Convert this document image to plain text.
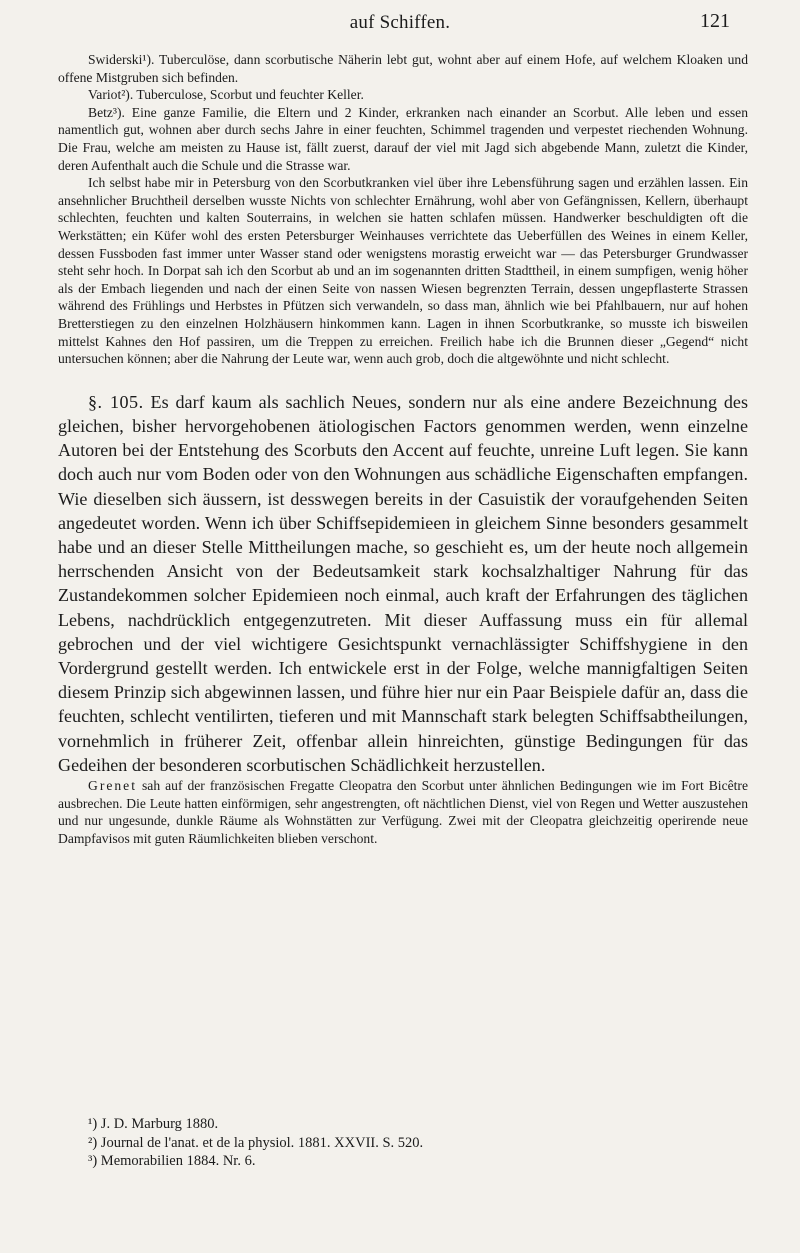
auf Schiffen.	121

Swiderski¹). Tuberculöse, dann scorbutische Näherin lebt gut, wohnt aber auf einem Hofe, auf welchem Kloaken und offene Mistgruben sich befinden.

Variot²). Tuberculose, Scorbut und feuchter Keller.

Betz³). Eine ganze Familie, die Eltern und 2 Kinder, erkranken nach einander an Scorbut. Alle leben und essen namentlich gut, wohnen aber durch sechs Jahre in einer feuchten, Schimmel tragenden und verpestet riechenden Wohnung. Die Frau, welche am meisten zu Hause ist, fällt zuerst, darauf der viel mit Jagd sich abgebende Mann, zuletzt die Kinder, deren Aufenthalt auch die Schule und die Strasse war.

Ich selbst habe mir in Petersburg von den Scorbutkranken viel über ihre Lebensführung sagen und erzählen lassen. Ein ansehnlicher Bruchtheil derselben wusste Nichts von schlechter Ernährung, wohl aber von Gefängnissen, Kellern, überhaupt schlechten, feuchten und kalten Souterrains, in welchen sie hatten schlafen müssen. Handwerker beschuldigten oft die Werkstätten; ein Küfer wohl des ersten Petersburger Weinhauses verrichtete das Ueberfüllen des Weines in einem Keller, dessen Fussboden fast immer unter Wasser stand oder wenigstens morastig erweicht war — das Petersburger Grundwasser steht sehr hoch. In Dorpat sah ich den Scorbut ab und an im sogenannten dritten Stadttheil, in einem sumpfigen, wenig höher als der Embach liegenden und nach der einen Seite von nassen Wiesen begrenzten Terrain, dessen ungepflasterte Strassen während des Frühlings und Herbstes in Pfützen sich verwandeln, so dass man, ähnlich wie bei Pfahlbauern, nur auf hohen Bretterstiegen zu den einzelnen Holzhäusern hinkommen kann. Lagen in ihnen Scorbutkranke, so musste ich bisweilen mittelst Kahnes den Hof passiren, um die Treppen zu erreichen. Freilich habe ich die Brunnen dieser „Gegend“ nicht untersuchen können; aber die Nahrung der Leute war, wenn auch grob, doch die altgewöhnte und nicht schlecht.

§. 105. Es darf kaum als sachlich Neues, sondern nur als eine andere Bezeichnung des gleichen, bisher hervorgehobenen ätiologischen Factors genommen werden, wenn einzelne Autoren bei der Entstehung des Scorbuts den Accent auf feuchte, unreine Luft legen. Sie kann doch auch nur vom Boden oder von den Wohnungen aus schädliche Eigenschaften empfangen. Wie dieselben sich äussern, ist desswegen bereits in der Casuistik der voraufgehenden Seiten angedeutet worden. Wenn ich über Schiffsepidemieen in gleichem Sinne besonders gesammelt habe und an dieser Stelle Mittheilungen mache, so geschieht es, um der heute noch allgemein herrschenden Ansicht von der Bedeutsamkeit stark kochsalzhaltiger Nahrung für das Zustandekommen solcher Epidemieen noch einmal, auch kraft der Erfahrungen des täglichen Lebens, nachdrücklich entgegenzutreten. Mit dieser Auffassung muss ein für allemal gebrochen und der viel wichtigere Gesichtspunkt vernachlässigter Schiffshygiene in den Vordergrund gestellt werden. Ich entwickele erst in der Folge, welche mannigfaltigen Seiten diesem Prinzip sich abgewinnen lassen, und führe hier nur ein Paar Beispiele dafür an, dass die feuchten, schlecht ventilirten, tieferen und mit Mannschaft stark belegten Schiffsabtheilungen, vornehmlich in früherer Zeit, offenbar allein hinreichten, günstige Bedingungen für das Gedeihen der besonderen scorbutischen Schädlichkeit herzustellen.

Grenet sah auf der französischen Fregatte Cleopatra den Scorbut unter ähnlichen Bedingungen wie im Fort Bicêtre ausbrechen. Die Leute hatten einförmigen, sehr angestrengten, oft nächtlichen Dienst, viel von Regen und Wetter auszustehen und nur ungesunde, dunkle Räume als Wohnstätten zur Verfügung. Zwei mit der Cleopatra gleichzeitig operirende neue Dampfavisos mit guten Räumlichkeiten blieben verschont.

¹) J. D. Marburg 1880.
²) Journal de l'anat. et de la physiol. 1881. XXVII. S. 520.
³) Memorabilien 1884. Nr. 6.
